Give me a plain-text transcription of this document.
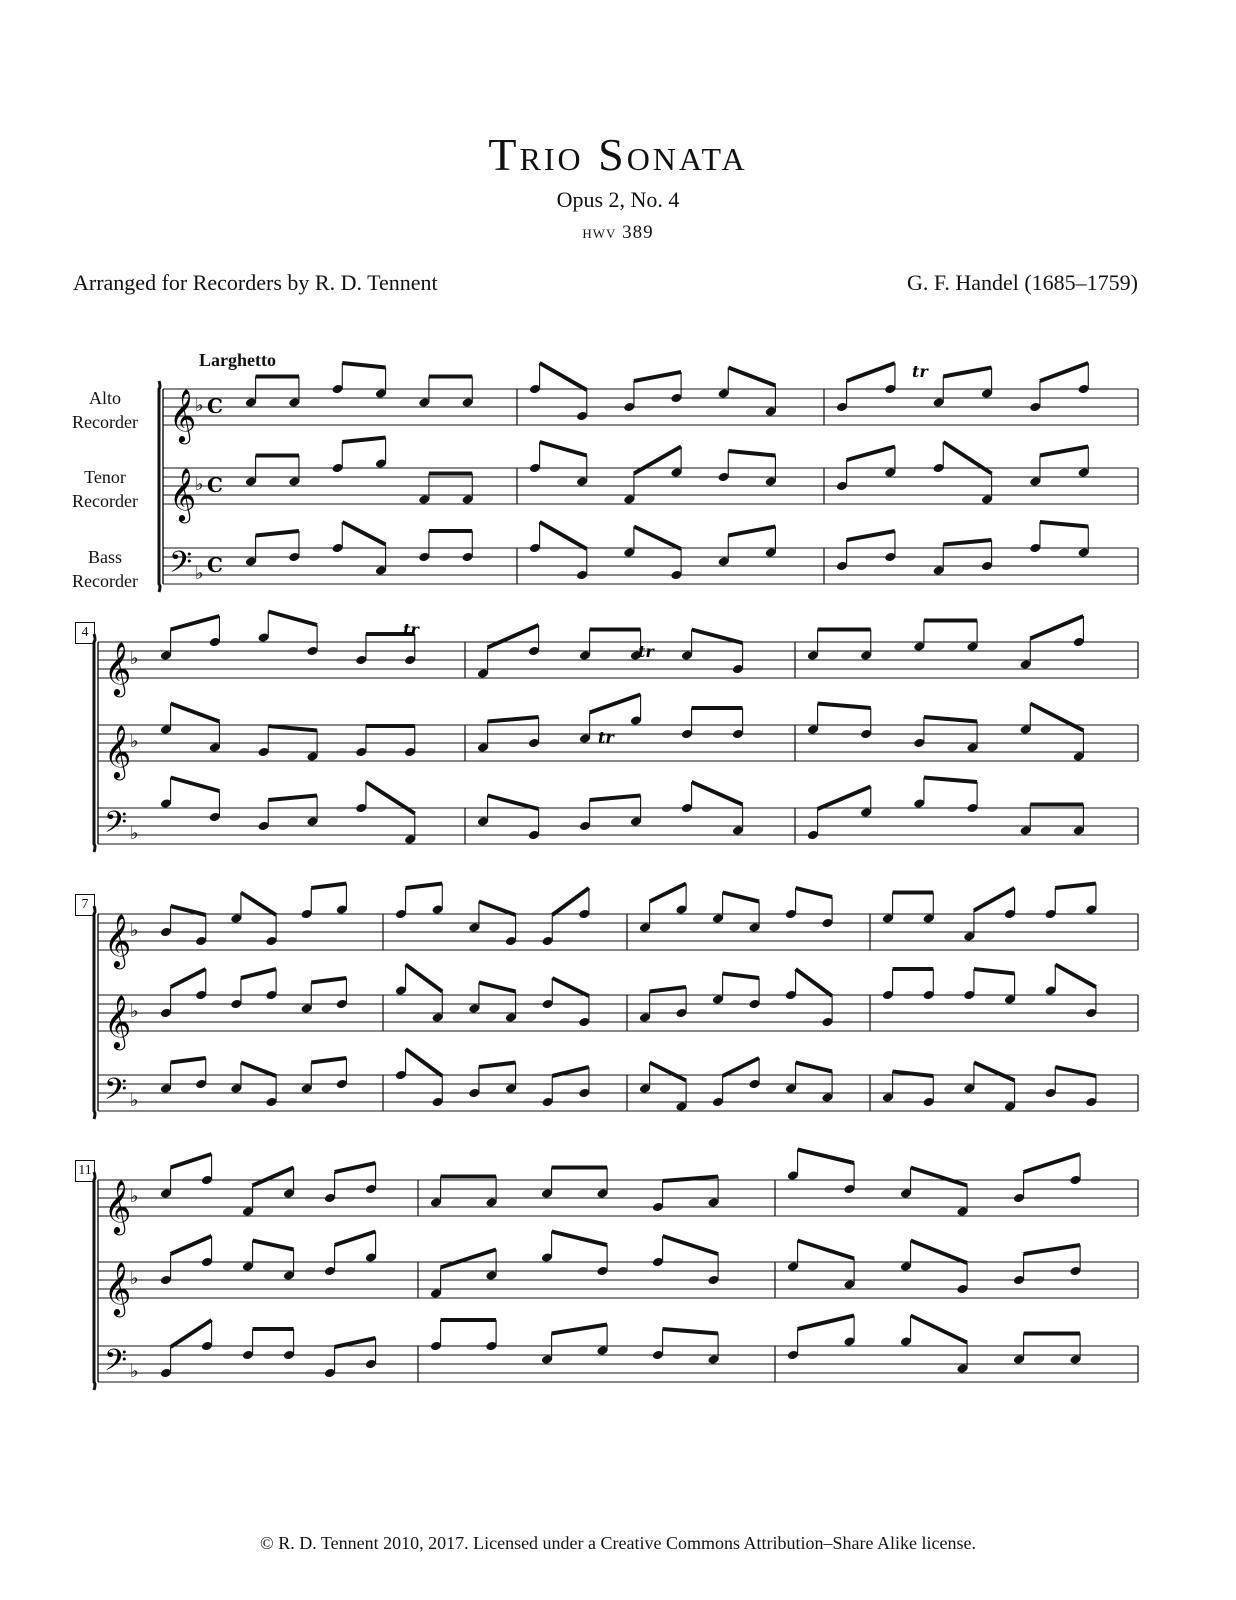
Trio Sonata
Opus 2, No. 4
hwv 389
Arranged for Recorders by R. D. Tennent	G. F. Handel (1685–1759)
Larghetto
Alto
Recorder
Tenor
Recorder
Bass
Recorder
4
7
11
𝄞
♭ C
𝄞
♭ C
𝄢 ♭ C
𝄞
♭
𝄞
♭
𝄢 ♭
𝄞
♭
𝄞
♭
𝄢 ♭
𝄞
♭
𝄞
♭
𝄢 ♭
tr
tr
tr
tr
© R. D. Tennent 2010, 2017. Licensed under a Creative Commons Attribution–Share Alike license.
